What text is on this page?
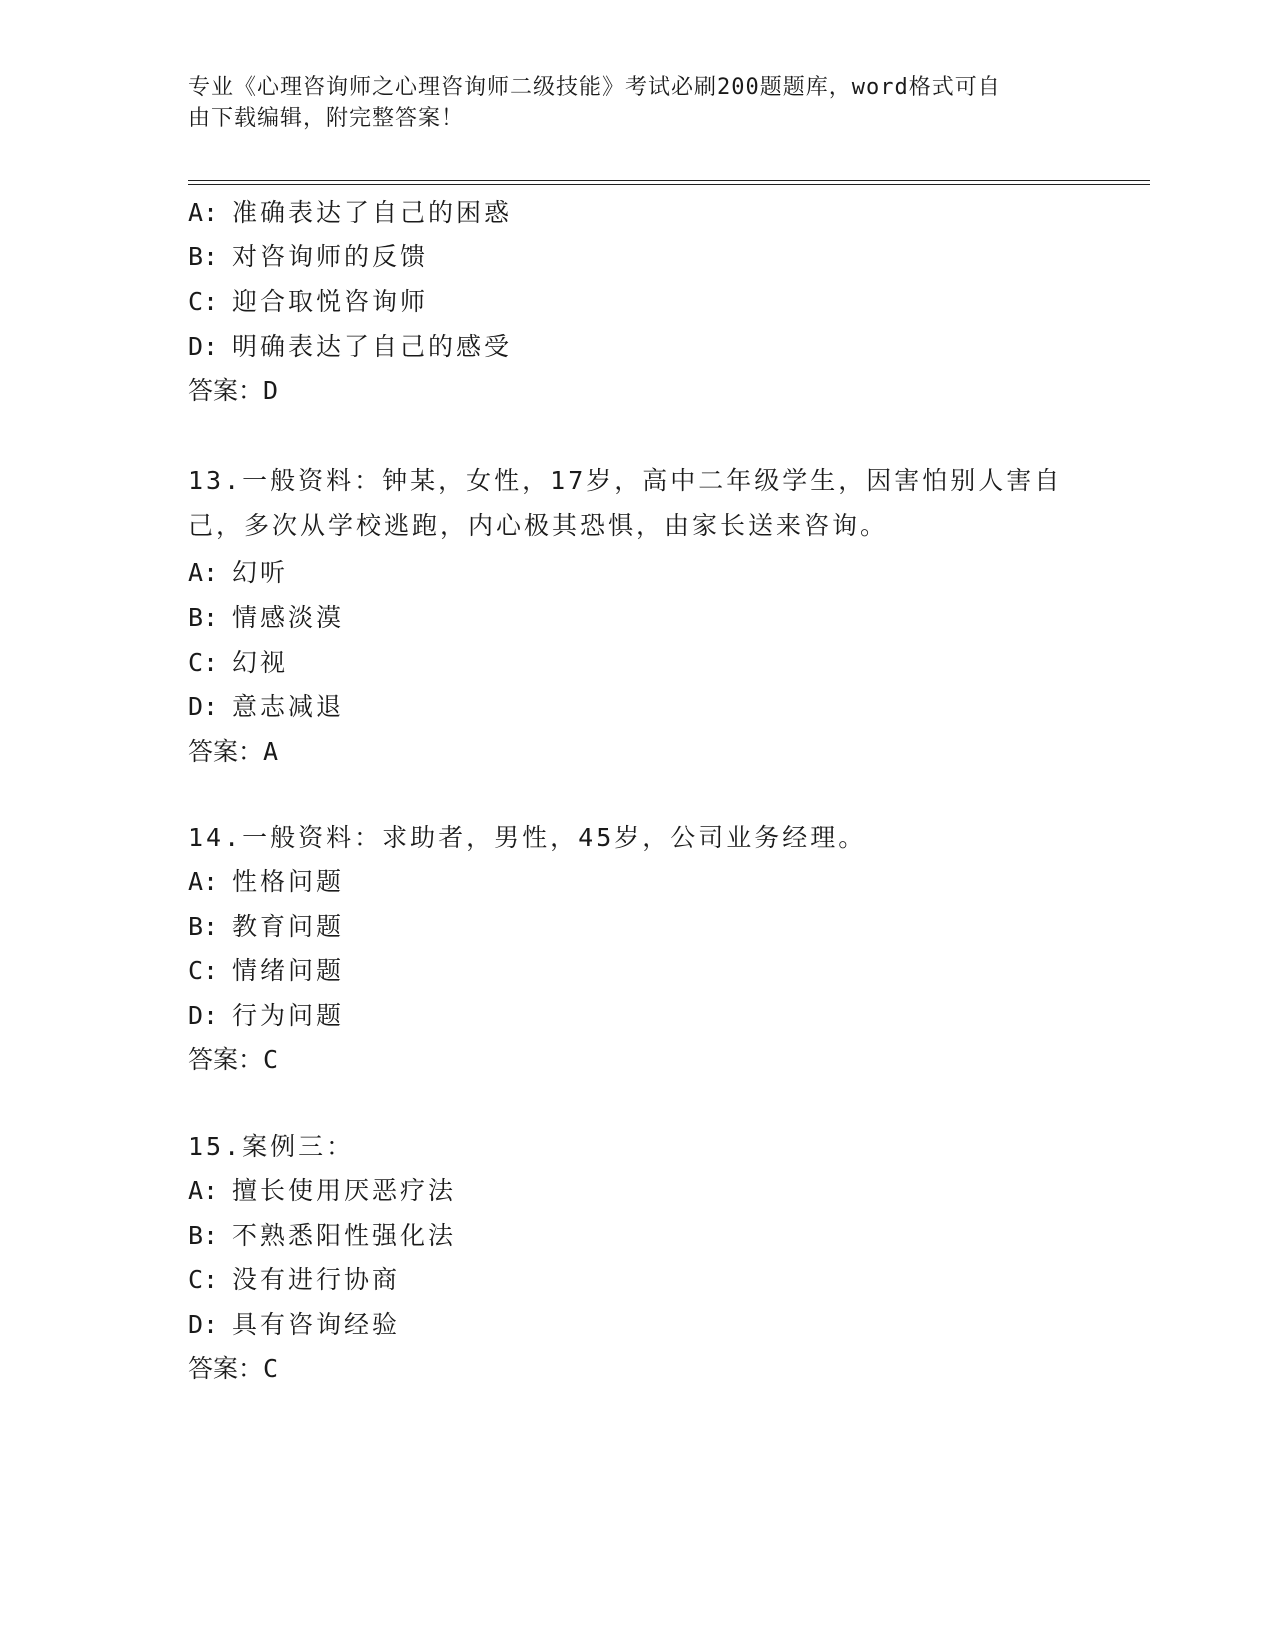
专业《心理咨询师之心理咨询师二级技能》考试必刷200题题库，word格式可自
由下载编辑，附完整答案！
A: 准确表达了自己的困惑
B: 对咨询师的反馈
C: 迎合取悦咨询师
D: 明确表达了自己的感受
答案：D
13.一般资料：钟某，女性，17岁，高中二年级学生，因害怕别人害自己，多次从学校逃跑，内心极其恐惧，由家长送来咨询。
A: 幻听
B: 情感淡漠
C: 幻视
D: 意志减退
答案：A
14.一般资料：求助者，男性，45岁，公司业务经理。
A: 性格问题
B: 教育问题
C: 情绪问题
D: 行为问题
答案：C
15.案例三：
A: 擅长使用厌恶疗法
B: 不熟悉阳性强化法
C: 没有进行协商
D: 具有咨询经验
答案：C
